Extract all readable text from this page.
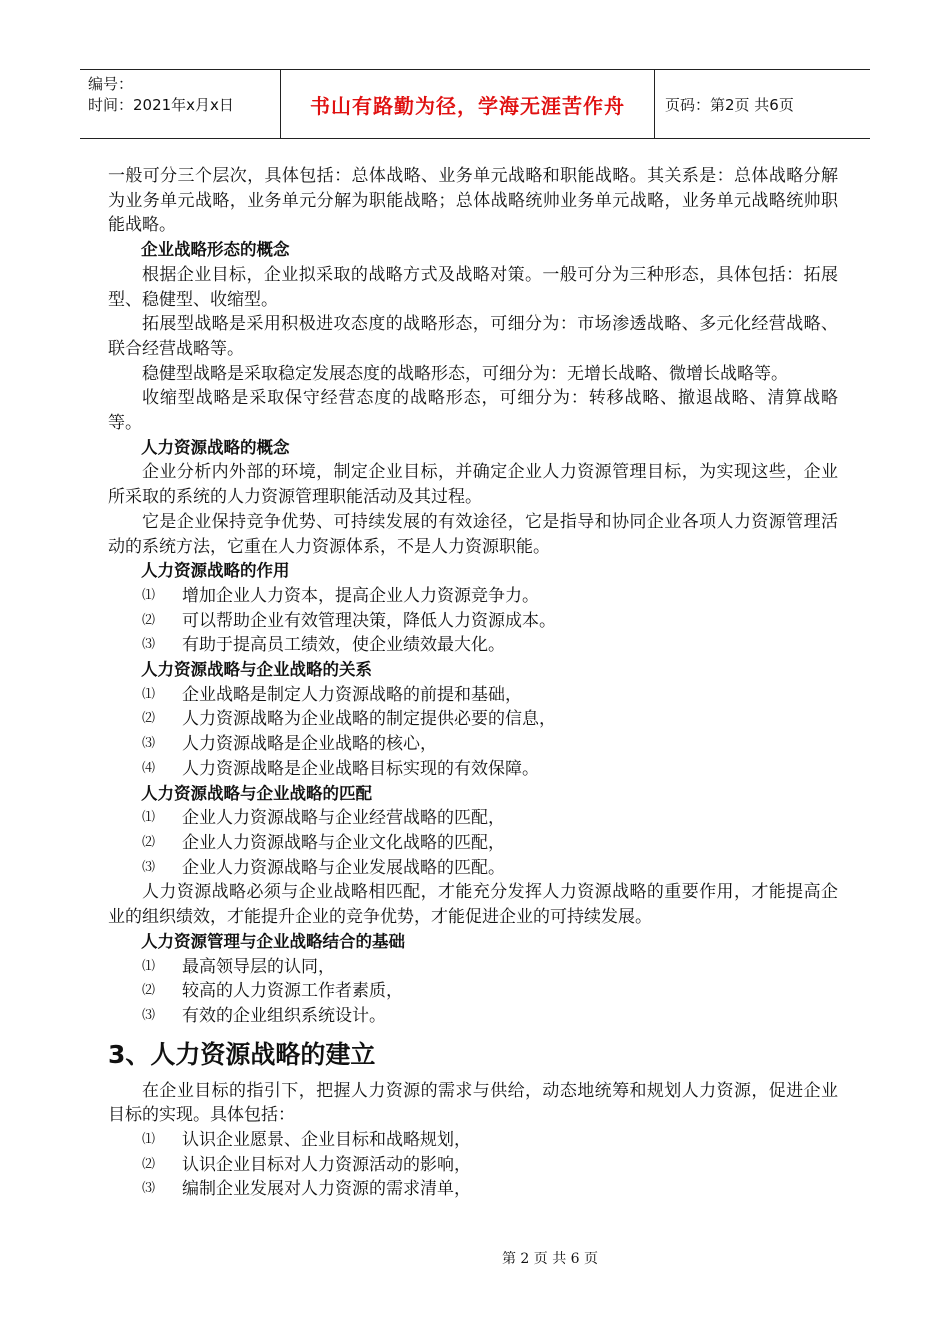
编号：
时间：2021年x月x日	书山有路勤为径，学海无涯苦作舟	页码：第2页 共6页

一般可分三个层次，具体包括：总体战略、业务单元战略和职能战略。其关系是：总体战略分解为业务单元战略，业务单元分解为职能战略；总体战略统帅业务单元战略，业务单元战略统帅职能战略。

企业战略形态的概念

根据企业目标，企业拟采取的战略方式及战略对策。一般可分为三种形态，具体包括：拓展型、稳健型、收缩型。

拓展型战略是采用积极进攻态度的战略形态，可细分为：市场渗透战略、多元化经营战略、联合经营战略等。

稳健型战略是采取稳定发展态度的战略形态，可细分为：无增长战略、微增长战略等。

收缩型战略是采取保守经营态度的战略形态，可细分为：转移战略、撤退战略、清算战略等。

人力资源战略的概念

企业分析内外部的环境，制定企业目标，并确定企业人力资源管理目标，为实现这些，企业所采取的系统的人力资源管理职能活动及其过程。

它是企业保持竞争优势、可持续发展的有效途径，它是指导和协同企业各项人力资源管理活动的系统方法，它重在人力资源体系，不是人力资源职能。

人力资源战略的作用

⑴	增加企业人力资本，提高企业人力资源竞争力。

⑵	可以帮助企业有效管理决策，降低人力资源成本。

⑶	有助于提高员工绩效，使企业绩效最大化。

人力资源战略与企业战略的关系

⑴	企业战略是制定人力资源战略的前提和基础，

⑵	人力资源战略为企业战略的制定提供必要的信息，

⑶	人力资源战略是企业战略的核心，

⑷	人力资源战略是企业战略目标实现的有效保障。

人力资源战略与企业战略的匹配

⑴	企业人力资源战略与企业经营战略的匹配，

⑵	企业人力资源战略与企业文化战略的匹配，

⑶	企业人力资源战略与企业发展战略的匹配。

人力资源战略必须与企业战略相匹配，才能充分发挥人力资源战略的重要作用，才能提高企业的组织绩效，才能提升企业的竞争优势，才能促进企业的可持续发展。

人力资源管理与企业战略结合的基础

⑴	最高领导层的认同，

⑵	较高的人力资源工作者素质，

⑶	有效的企业组织系统设计。

3、人力资源战略的建立

在企业目标的指引下，把握人力资源的需求与供给，动态地统筹和规划人力资源，促进企业目标的实现。具体包括：

⑴	认识企业愿景、企业目标和战略规划，

⑵	认识企业目标对人力资源活动的影响，

⑶	编制企业发展对人力资源的需求清单，

第 2 页 共 6 页
